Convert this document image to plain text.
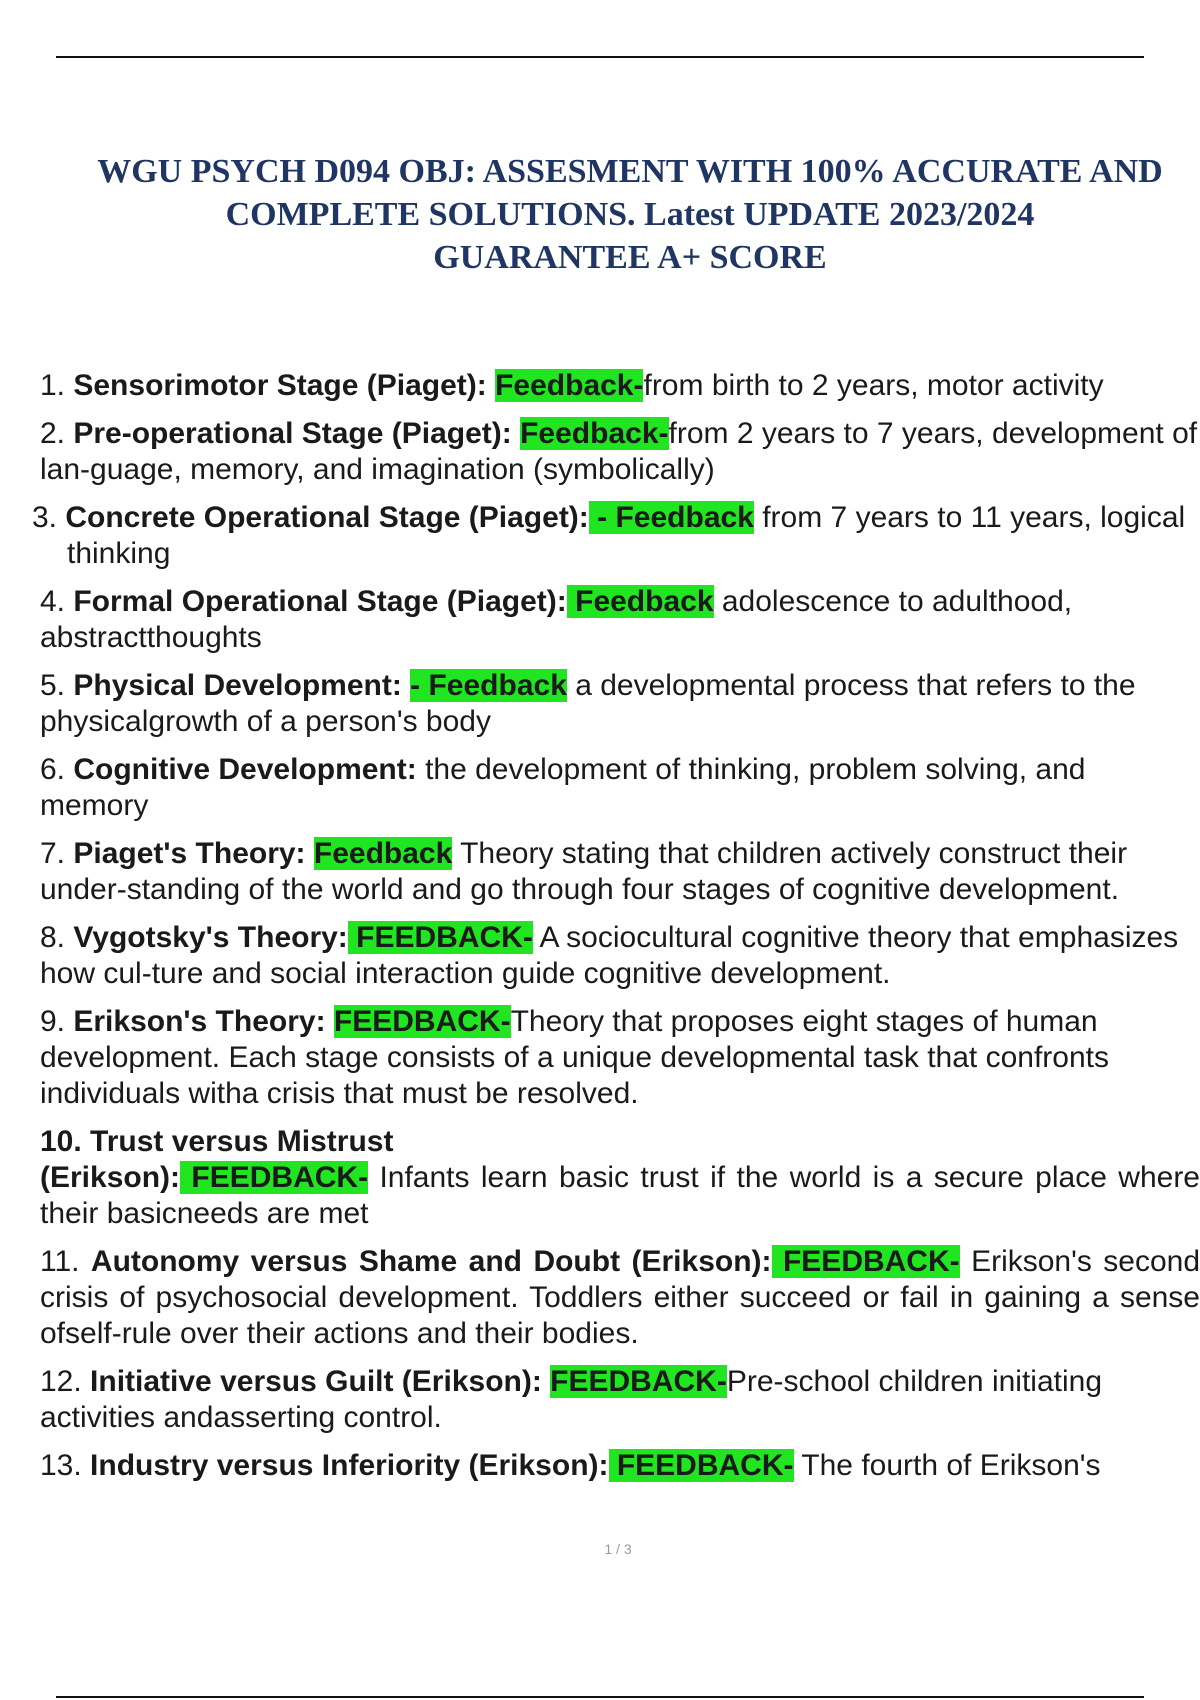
WGU PSYCH D094 OBJ: ASSESMENT WITH 100% ACCURATE AND
COMPLETE SOLUTIONS. Latest UPDATE 2023/2024
GUARANTEE A+ SCORE
1. Sensorimotor Stage (Piaget): Feedback-from birth to 2 years, motor activity
2. Pre-operational Stage (Piaget): Feedback-from 2 years to 7 years, development of lan-guage, memory, and imagination (symbolically)
3. Concrete Operational Stage (Piaget): - Feedback from 7 years to 11 years, logical thinking
4. Formal Operational Stage (Piaget): Feedback adolescence to adulthood, abstractthoughts
5. Physical Development: - Feedback a developmental process that refers to the physicalgrowth of a person's body
6. Cognitive Development: the development of thinking, problem solving, and memory
7. Piaget's Theory: Feedback Theory stating that children actively construct their under-standing of the world and go through four stages of cognitive development.
8. Vygotsky's Theory: FEEDBACK- A sociocultural cognitive theory that emphasizes how cul-ture and social interaction guide cognitive development.
9. Erikson's Theory: FEEDBACK-Theory that proposes eight stages of human development. Each stage consists of a unique developmental task that confronts individuals witha crisis that must be resolved.
10. Trust versus Mistrust
(Erikson): FEEDBACK- Infants learn basic trust if the world is a secure place where their basicneeds are met
11. Autonomy versus Shame and Doubt (Erikson): FEEDBACK- Erikson's second crisis of psychosocial development. Toddlers either succeed or fail in gaining a sense ofself-rule over their actions and their bodies.
12. Initiative versus Guilt (Erikson): FEEDBACK-Pre-school children initiating activities andasserting control.
13. Industry versus Inferiority (Erikson): FEEDBACK- The fourth of Erikson's
1 / 3
